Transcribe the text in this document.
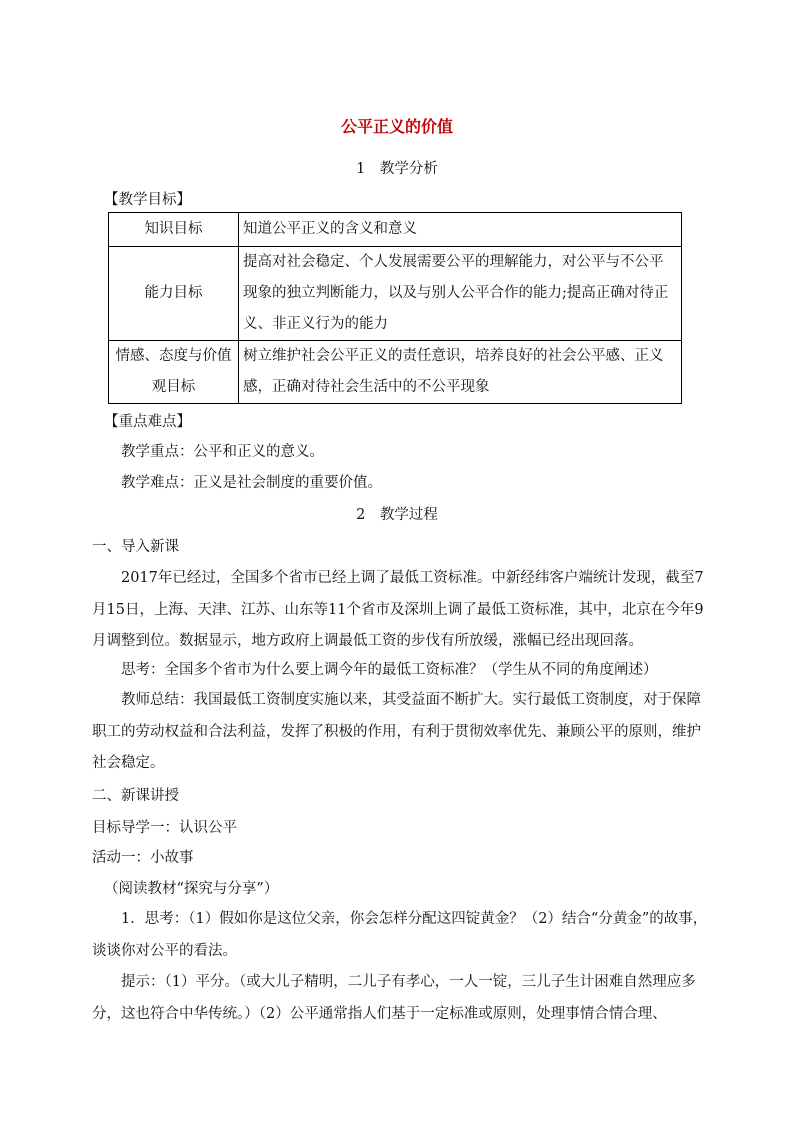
公平正义的价值
1　教学分析
【教学目标】
知识目标	知道公平正义的含义和意义
能力目标	提高对社会稳定、个人发展需要公平的理解能力，对公平与不公平现象的独立判断能力，以及与别人公平合作的能力;提高正确对待正义、非正义行为的能力
情感、态度与价值观目标	树立维护社会公平正义的责任意识，培养良好的社会公平感、正义感，正确对待社会生活中的不公平现象
【重点难点】
教学重点：公平和正义的意义。
教学难点：正义是社会制度的重要价值。
2　教学过程
一、导入新课
2017年已经过，全国多个省市已经上调了最低工资标准。中新经纬客户端统计发现，截至7月15日，上海、天津、江苏、山东等11个省市及深圳上调了最低工资标准，其中，北京在今年9月调整到位。数据显示，地方政府上调最低工资的步伐有所放缓，涨幅已经出现回落。
思考：全国多个省市为什么要上调今年的最低工资标准？（学生从不同的角度阐述）
教师总结：我国最低工资制度实施以来，其受益面不断扩大。实行最低工资制度，对于保障职工的劳动权益和合法利益，发挥了积极的作用，有利于贯彻效率优先、兼顾公平的原则，维护社会稳定。
二、新课讲授
目标导学一：认识公平
活动一：小故事
（阅读教材“探究与分享”）
1．思考：（1）假如你是这位父亲，你会怎样分配这四锭黄金？（2）结合“分黄金”的故事，谈谈你对公平的看法。
提示：（1）平分。（或大儿子精明，二儿子有孝心，一人一锭，三儿子生计困难自然理应多分，这也符合中华传统。）（2）公平通常指人们基于一定标准或原则，处理事情合情合理、
